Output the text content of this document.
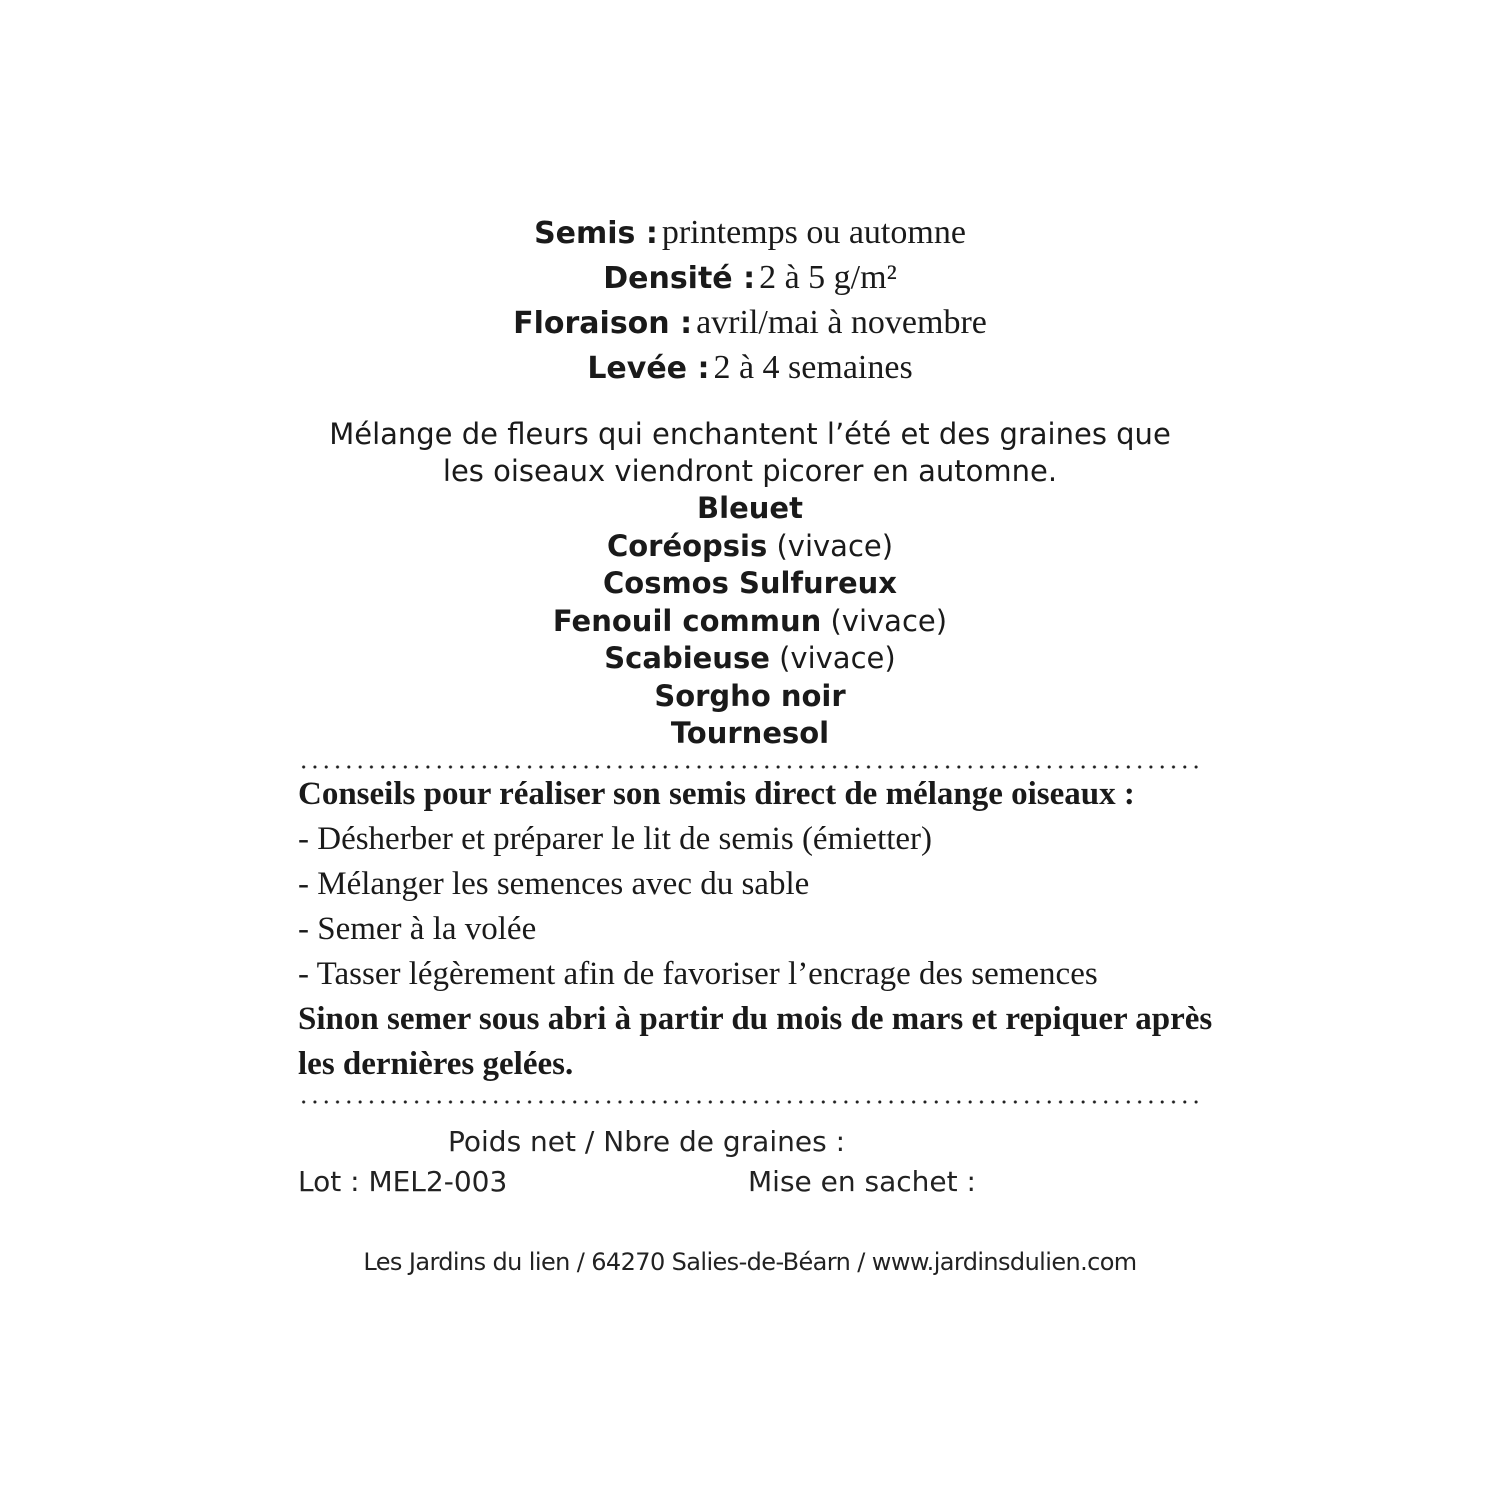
Semis : printemps ou automne
Densité : 2 à 5 g/m²
Floraison : avril/mai à novembre
Levée : 2 à 4 semaines
Mélange de fleurs qui enchantent l’été et des graines que
les oiseaux viendront picorer en automne.
Bleuet
Coréopsis (vivace)
Cosmos Sulfureux
Fenouil commun (vivace)
Scabieuse (vivace)
Sorgho noir
Tournesol
Conseils pour réaliser son semis direct de mélange oiseaux :
- Désherber et préparer le lit de semis (émietter)
- Mélanger les semences avec du sable
- Semer à la volée
- Tasser légèrement afin de favoriser l’encrage des semences
Sinon semer sous abri à partir du mois de mars et repiquer après les dernières gelées.
Poids net / Nbre de graines :
Lot : MEL2-003	Mise en sachet :
Les Jardins du lien / 64270 Salies-de-Béarn / www.jardinsdulien.com
